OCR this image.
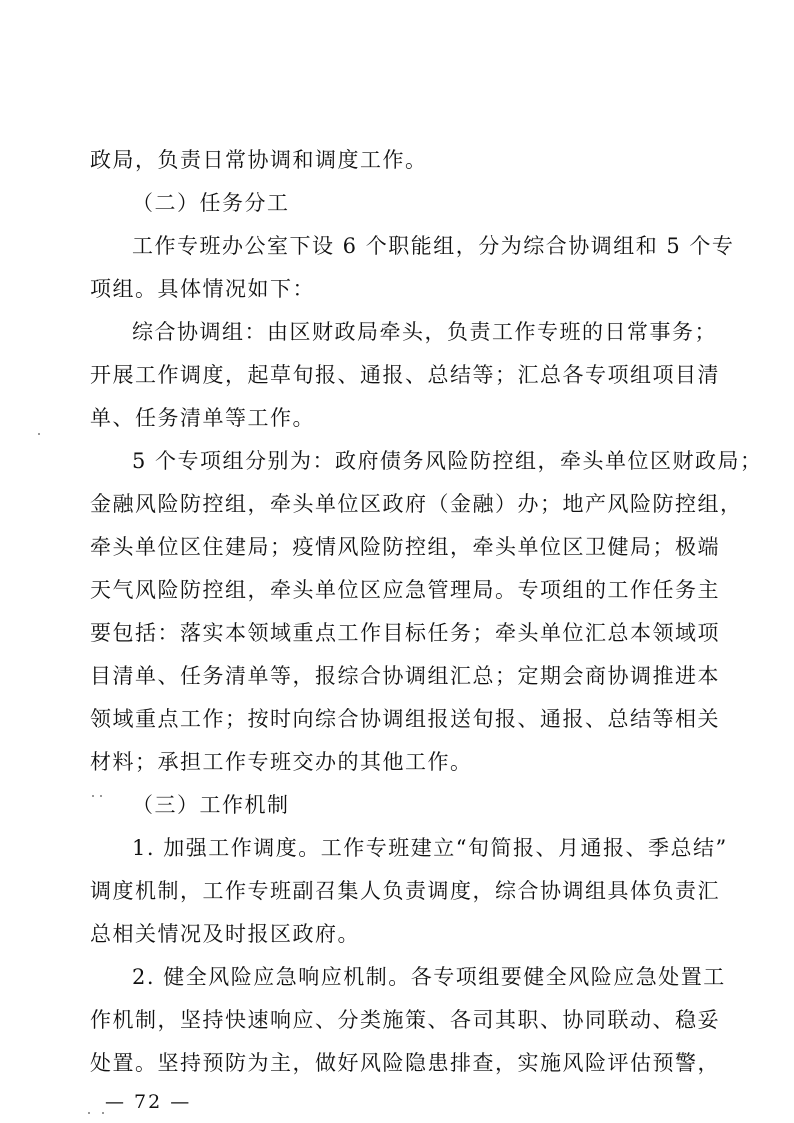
政局，负责日常协调和调度工作。
（二）任务分工
工作专班办公室下设 6 个职能组，分为综合协调组和 5 个专
项组。具体情况如下：
综合协调组：由区财政局牵头，负责工作专班的日常事务；
开展工作调度，起草旬报、通报、总结等；汇总各专项组项目清
单、任务清单等工作。
5 个专项组分别为：政府债务风险防控组，牵头单位区财政局；
金融风险防控组，牵头单位区政府（金融）办；地产风险防控组，
牵头单位区住建局；疫情风险防控组，牵头单位区卫健局；极端
天气风险防控组，牵头单位区应急管理局。专项组的工作任务主
要包括：落实本领域重点工作目标任务；牵头单位汇总本领域项
目清单、任务清单等，报综合协调组汇总；定期会商协调推进本
领域重点工作；按时向综合协调组报送旬报、通报、总结等相关
材料；承担工作专班交办的其他工作。
（三）工作机制
1. 加强工作调度。工作专班建立“旬简报、月通报、季总结”
调度机制，工作专班副召集人负责调度，综合协调组具体负责汇
总相关情况及时报区政府。
2. 健全风险应急响应机制。各专项组要健全风险应急处置工
作机制，坚持快速响应、分类施策、各司其职、协同联动、稳妥
处置。坚持预防为主，做好风险隐患排查，实施风险评估预警，
— 72 —
